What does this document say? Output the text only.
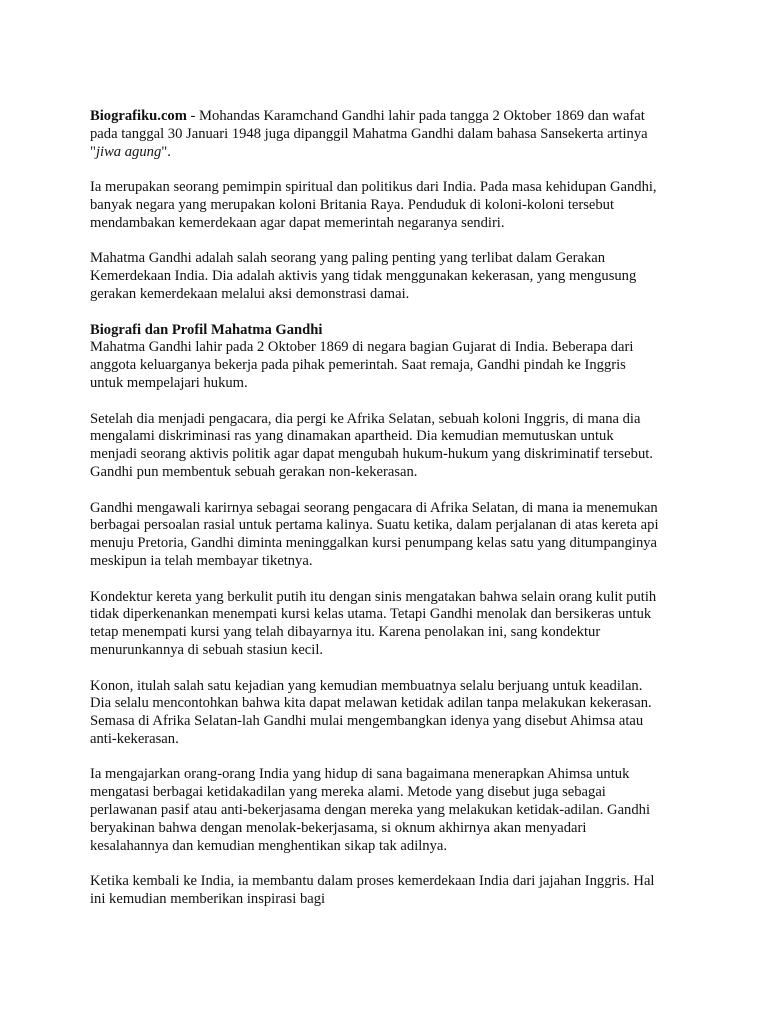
Biografiku.com - Mohandas Karamchand Gandhi lahir pada tangga 2 Oktober 1869 dan wafat
pada tanggal 30 Januari 1948 juga dipanggil Mahatma Gandhi dalam bahasa Sansekerta artinya
"jiwa agung".

Ia merupakan seorang pemimpin spiritual dan politikus dari India. Pada masa kehidupan Gandhi,
banyak negara yang merupakan koloni Britania Raya. Penduduk di koloni-koloni tersebut
mendambakan kemerdekaan agar dapat memerintah negaranya sendiri.

Mahatma Gandhi adalah salah seorang yang paling penting yang terlibat dalam Gerakan
Kemerdekaan India. Dia adalah aktivis yang tidak menggunakan kekerasan, yang mengusung
gerakan kemerdekaan melalui aksi demonstrasi damai.

Biografi dan Profil Mahatma Gandhi

Mahatma Gandhi lahir pada 2 Oktober 1869 di negara bagian Gujarat di India. Beberapa dari
anggota keluarganya bekerja pada pihak pemerintah. Saat remaja, Gandhi pindah ke Inggris
untuk mempelajari hukum.

Setelah dia menjadi pengacara, dia pergi ke Afrika Selatan, sebuah koloni Inggris, di mana dia
mengalami diskriminasi ras yang dinamakan apartheid. Dia kemudian memutuskan untuk
menjadi seorang aktivis politik agar dapat mengubah hukum-hukum yang diskriminatif tersebut.
Gandhi pun membentuk sebuah gerakan non-kekerasan.

Gandhi mengawali karirnya sebagai seorang pengacara di Afrika Selatan, di mana ia menemukan
berbagai persoalan rasial untuk pertama kalinya. Suatu ketika, dalam perjalanan di atas kereta api
menuju Pretoria, Gandhi diminta meninggalkan kursi penumpang kelas satu yang ditumpanginya
meskipun ia telah membayar tiketnya.

Kondektur kereta yang berkulit putih itu dengan sinis mengatakan bahwa selain orang kulit putih
tidak diperkenankan menempati kursi kelas utama. Tetapi Gandhi menolak dan bersikeras untuk
tetap menempati kursi yang telah dibayarnya itu. Karena penolakan ini, sang kondektur
menurunkannya di sebuah stasiun kecil.

Konon, itulah salah satu kejadian yang kemudian membuatnya selalu berjuang untuk keadilan.
Dia selalu mencontohkan bahwa kita dapat melawan ketidak adilan tanpa melakukan kekerasan.
Semasa di Afrika Selatan-lah Gandhi mulai mengembangkan idenya yang disebut Ahimsa atau
anti-kekerasan.

Ia mengajarkan orang-orang India yang hidup di sana bagaimana menerapkan Ahimsa untuk
mengatasi berbagai ketidakadilan yang mereka alami. Metode yang disebut juga sebagai
perlawanan pasif atau anti-bekerjasama dengan mereka yang melakukan ketidak-adilan. Gandhi
beryakinan bahwa dengan menolak-bekerjasama, si oknum akhirnya akan menyadari
kesalahannya dan kemudian menghentikan sikap tak adilnya.

Ketika kembali ke India, ia membantu dalam proses kemerdekaan India dari jajahan Inggris. Hal
ini kemudian memberikan inspirasi bagi
